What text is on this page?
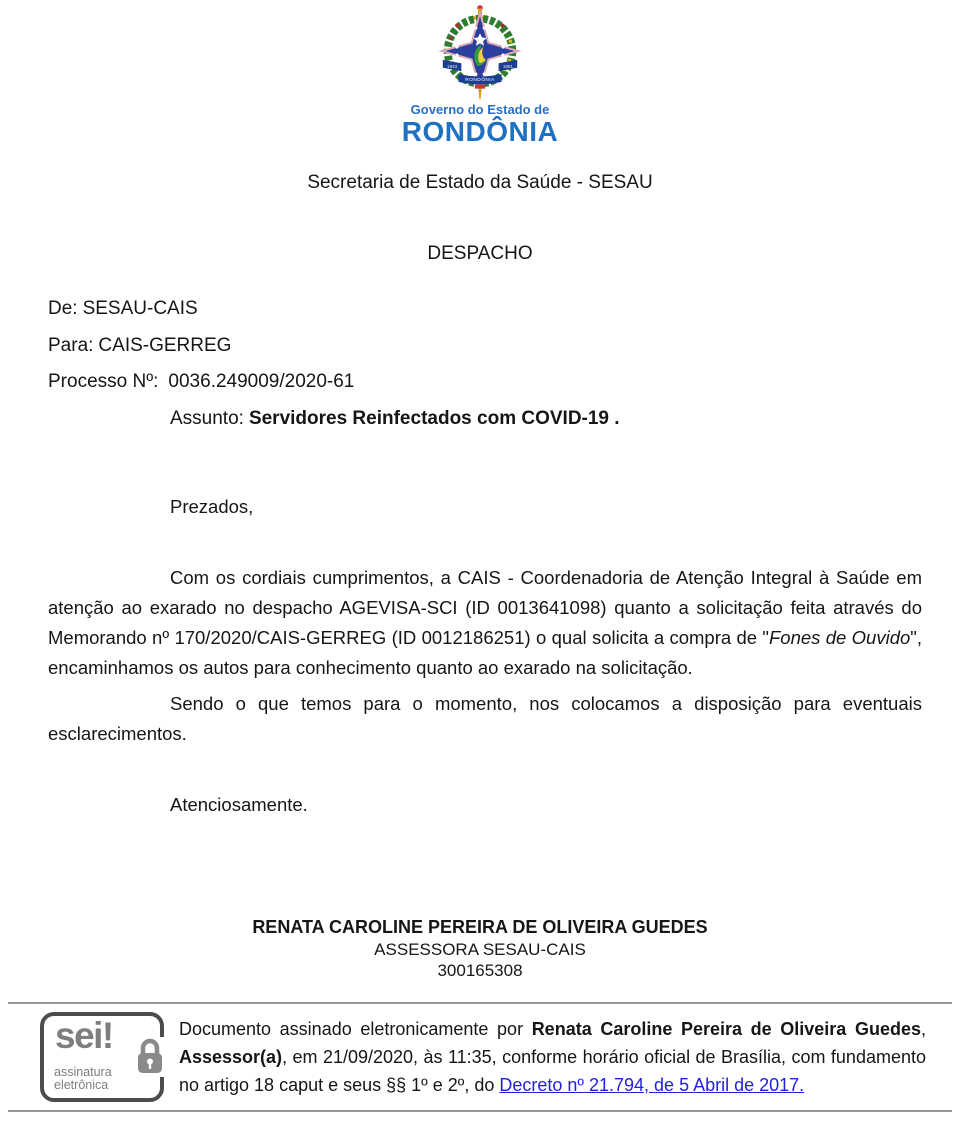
1943	1981
RONDÔNIA
Governo do Estado de
RONDÔNIA
Secretaria de Estado da Saúde - SESAU
DESPACHO
De: SESAU-CAIS
Para: CAIS-GERREG
Processo Nº: 0036.249009/2020-61
Assunto: Servidores Reinfectados com COVID-19 .
Prezados,

Com os cordiais cumprimentos, a CAIS - Coordenadoria de Atenção Integral à Saúde em atenção ao exarado no despacho AGEVISA-SCI (ID 0013641098) quanto a solicitação feita através do Memorando nº 170/2020/CAIS-GERREG (ID 0012186251) o qual solicita a compra de "Fones de Ouvido", encaminhamos os autos para conhecimento quanto ao exarado na solicitação.

Sendo o que temos para o momento, nos colocamos a disposição para eventuais esclarecimentos.

Atenciosamente.
RENATA CAROLINE PEREIRA DE OLIVEIRA GUEDES
ASSESSORA SESAU-CAIS
300165308
sei!
assinatura
eletrônica
Documento assinado eletronicamente por Renata Caroline Pereira de Oliveira Guedes, Assessor(a), em 21/09/2020, às 11:35, conforme horário oficial de Brasília, com fundamento no artigo 18 caput e seus §§ 1º e 2º, do Decreto nº 21.794, de 5 Abril de 2017.
